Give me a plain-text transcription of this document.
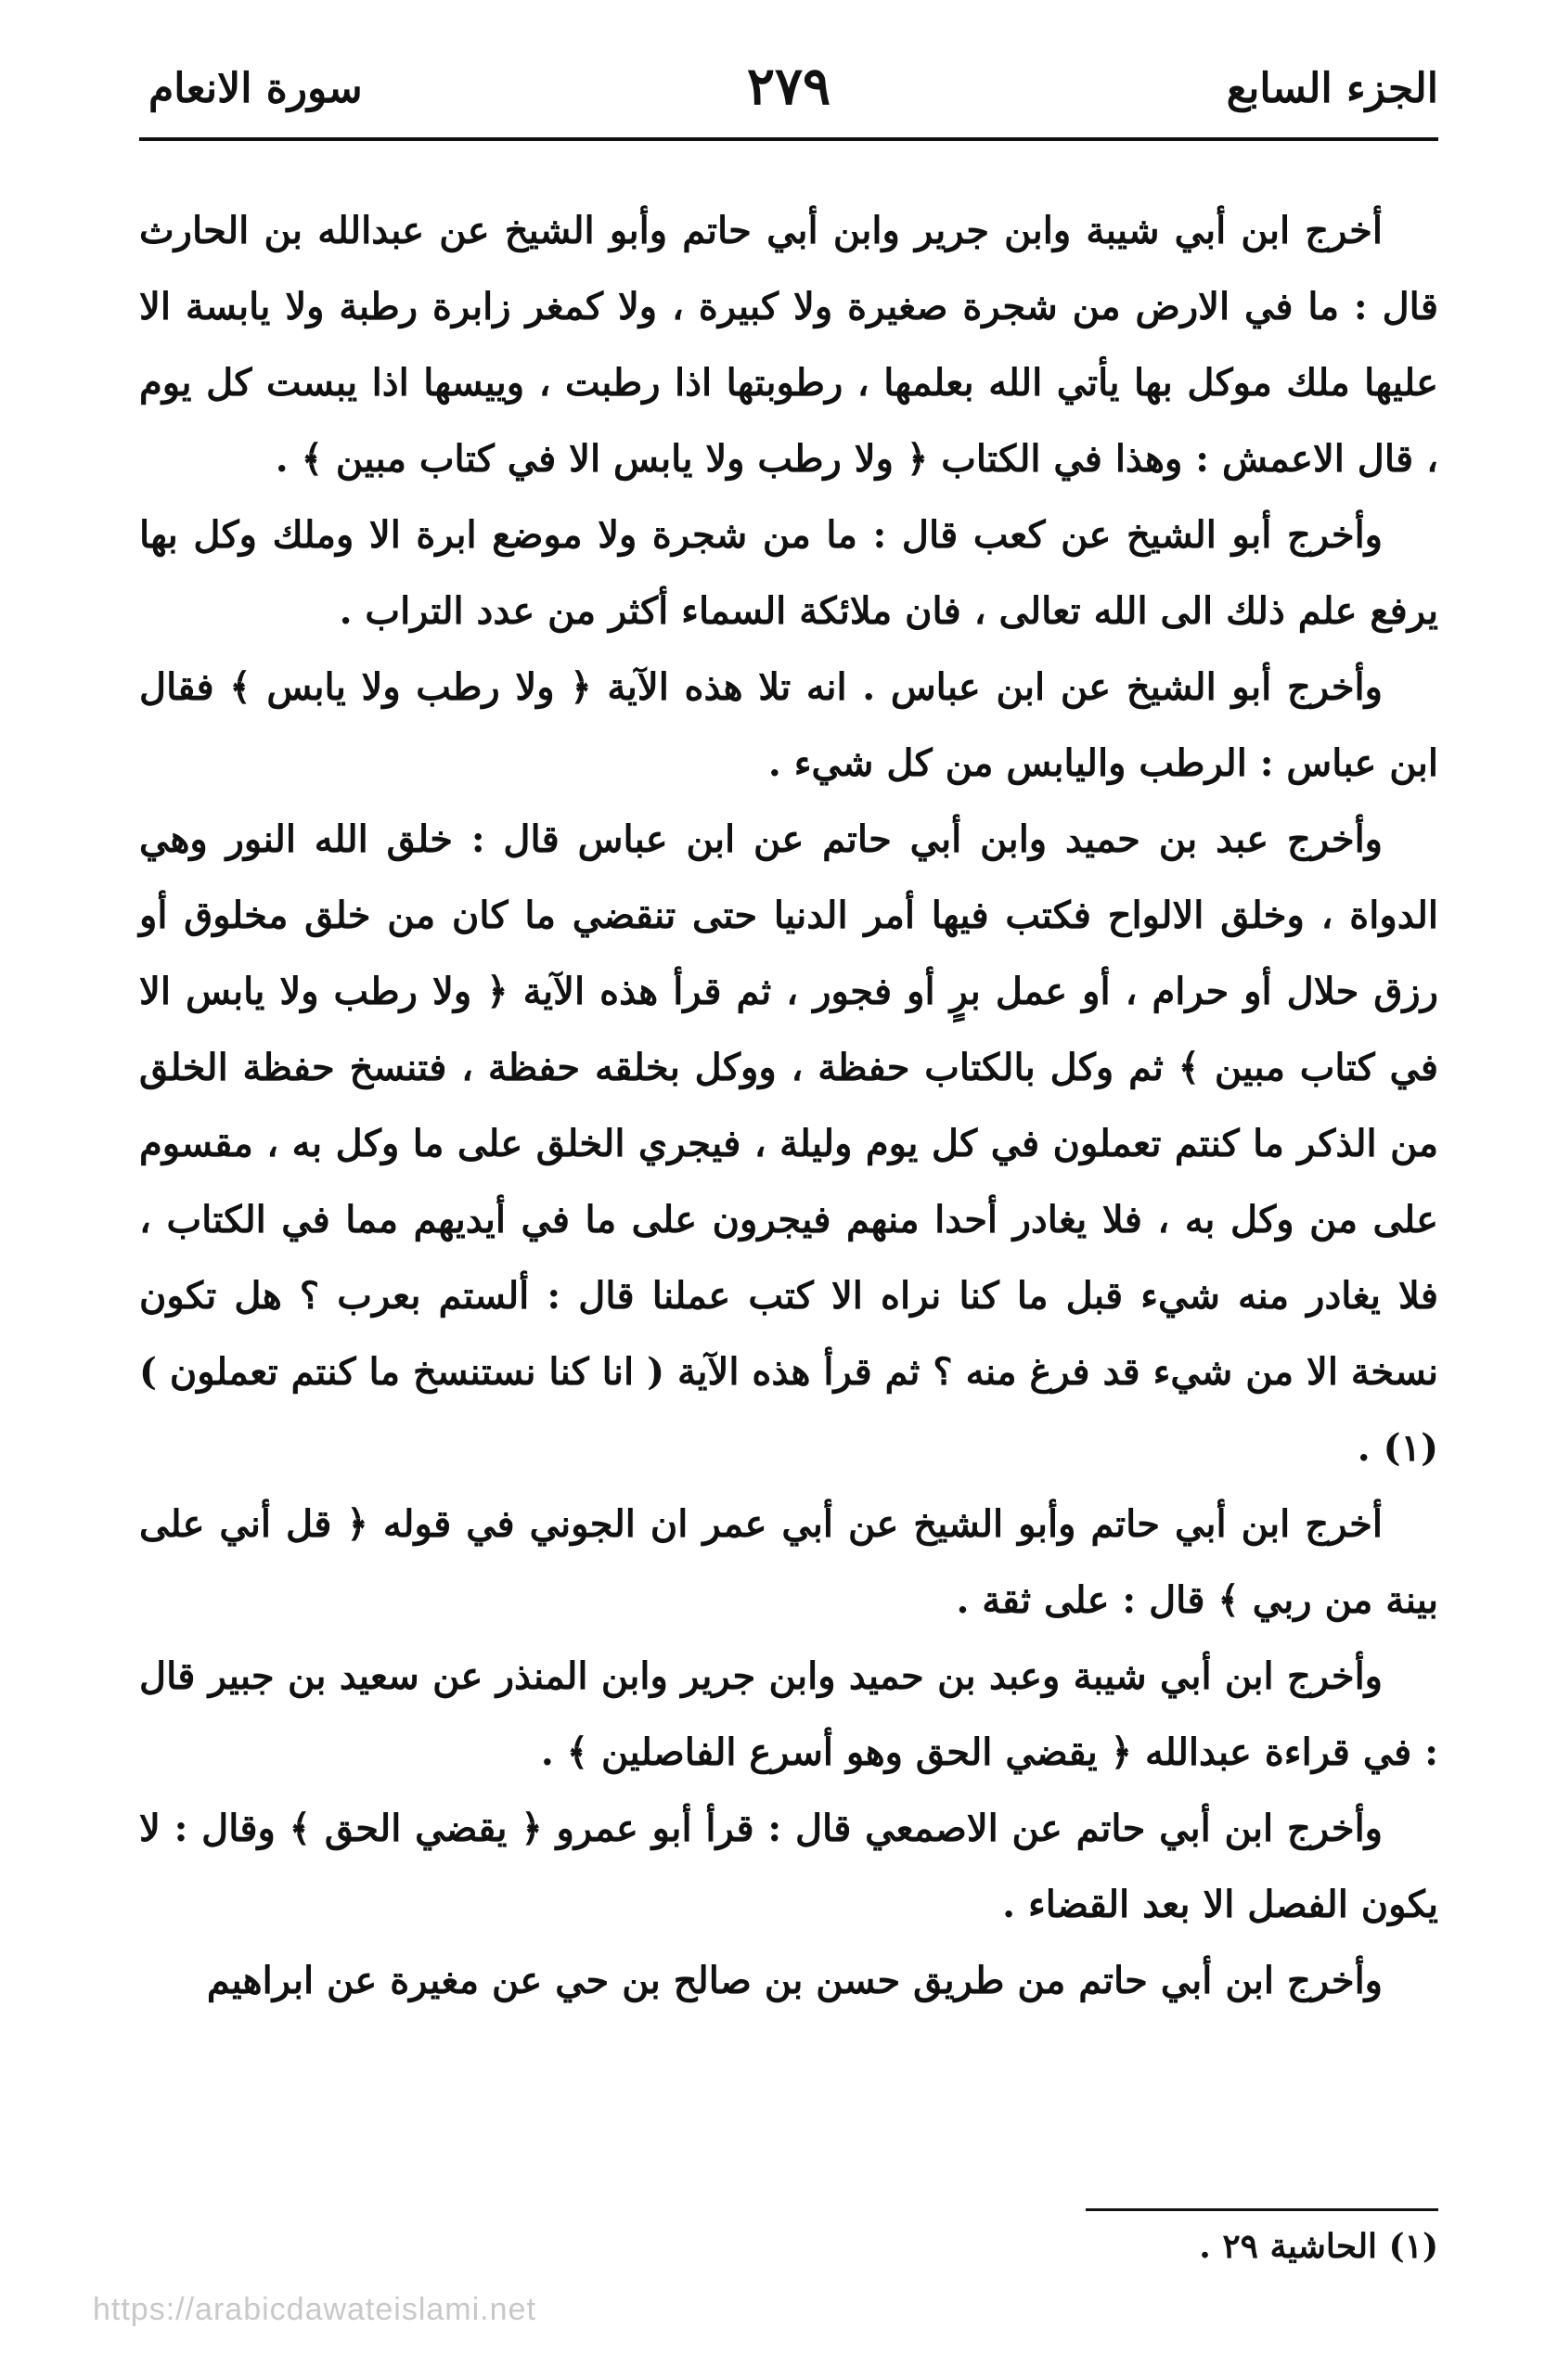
الجزء السابع
٢٧٩
سورة الانعام

أخرج ابن أبي شيبة وابن جرير وابن أبي حاتم وأبو الشيخ عن عبدالله بن الحارث قال : ما في الارض من شجرة صغيرة ولا كبيرة ، ولا كمغر زابرة رطبة ولا يابسة الا عليها ملك موكل بها يأتي الله بعلمها ، رطوبتها اذا رطبت ، وييسها اذا يبست كل يوم ، قال الاعمش : وهذا في الكتاب ﴿ ولا رطب ولا يابس الا في كتاب مبين ﴾ .

وأخرج أبو الشيخ عن كعب قال : ما من شجرة ولا موضع ابرة الا وملك وكل بها يرفع علم ذلك الى الله تعالى ، فان ملائكة السماء أكثر من عدد التراب .

وأخرج أبو الشيخ عن ابن عباس . انه تلا هذه الآية ﴿ ولا رطب ولا يابس ﴾ فقال ابن عباس : الرطب واليابس من كل شيء .

وأخرج عبد بن حميد وابن أبي حاتم عن ابن عباس قال : خلق الله النور وهي الدواة ، وخلق الالواح فكتب فيها أمر الدنيا حتى تنقضي ما كان من خلق مخلوق أو رزق حلال أو حرام ، أو عمل برٍ أو فجور ، ثم قرأ هذه الآية ﴿ ولا رطب ولا يابس الا في كتاب مبين ﴾ ثم وكل بالكتاب حفظة ، ووكل بخلقه حفظة ، فتنسخ حفظة الخلق من الذكر ما كنتم تعملون في كل يوم وليلة ، فيجري الخلق على ما وكل به ، مقسوم على من وكل به ، فلا يغادر أحدا منهم فيجرون على ما في أيديهم مما في الكتاب ، فلا يغادر منه شيء قبل ما كنا نراه الا كتب عملنا قال : ألستم بعرب ؟ هل تكون نسخة الا من شيء قد فرغ منه ؟ ثم قرأ هذه الآية ( انا كنا نستنسخ ما كنتم تعملون )(١) .

أخرج ابن أبي حاتم وأبو الشيخ عن أبي عمر ان الجوني في قوله ﴿ قل أني على بينة من ربي ﴾ قال : على ثقة .

وأخرج ابن أبي شيبة وعبد بن حميد وابن جرير وابن المنذر عن سعيد بن جبير قال : في قراءة عبدالله ﴿ يقضي الحق وهو أسرع الفاصلين ﴾ .

وأخرج ابن أبي حاتم عن الاصمعي قال : قرأ أبو عمرو ﴿ يقضي الحق ﴾ وقال : لا يكون الفصل الا بعد القضاء .

وأخرج ابن أبي حاتم من طريق حسن بن صالح بن حي عن مغيرة عن ابراهيم

(١) الحاشية ٢٩ .
https://arabicdawateislami.net
